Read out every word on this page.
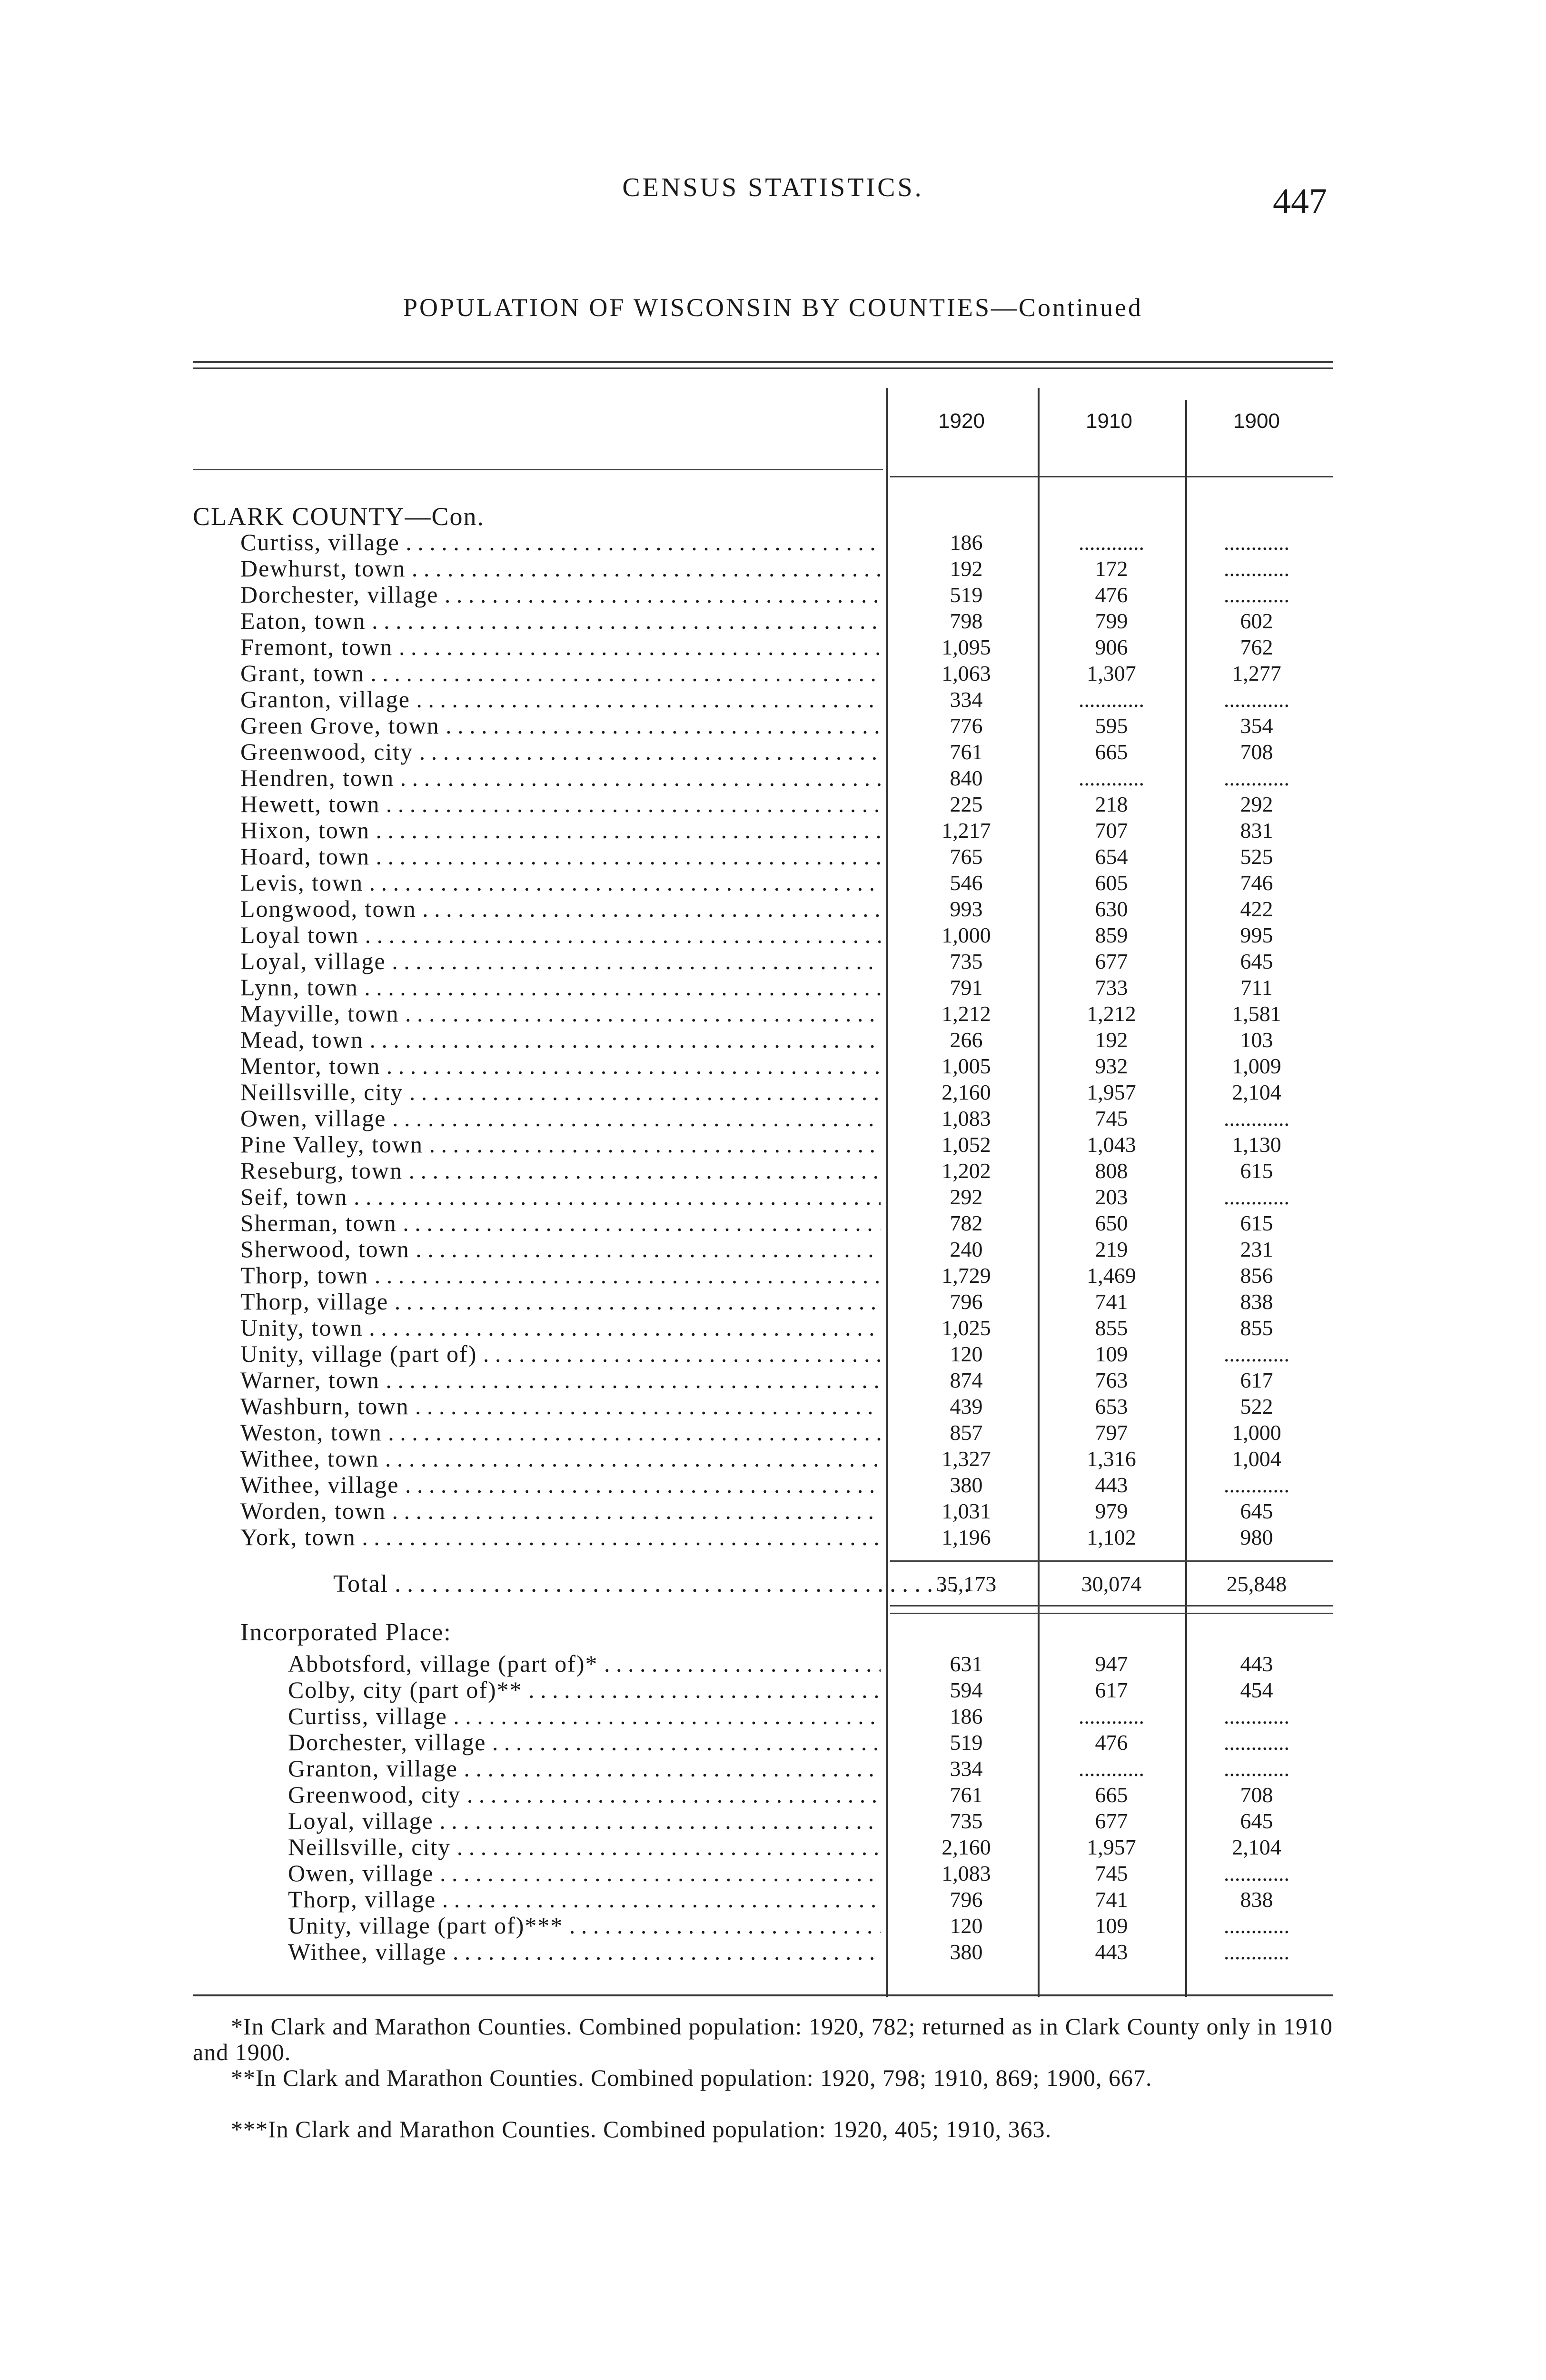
CENSUS STATISTICS.	447
POPULATION OF WISCONSIN BY COUNTIES—Continued
1920	1910	1900
CLARK COUNTY—Con.
Curtiss, village . . .	186	............	............
Dewhurst, town . . .	192	172	............
Dorchester, village . . .	519	476	............
Eaton, town . . .	798	799	602
Fremont, town . . .	1,095	906	762
Grant, town . . .	1,063	1,307	1,277
Granton, village . . .	334	............	............
Green Grove, town . . .	776	595	354
Greenwood, city . . .	761	665	708
Hendren, town . . .	840	............	............
Hewett, town . . .	225	218	292
Hixon, town . . .	1,217	707	831
Hoard, town . . .	765	654	525
Levis, town . . .	546	605	746
Longwood, town . . .	993	630	422
Loyal town . . .	1,000	859	995
Loyal, village . . .	735	677	645
Lynn, town . . .	791	733	711
Mayville, town . . .	1,212	1,212	1,581
Mead, town . . .	266	192	103
Mentor, town . . .	1,005	932	1,009
Neillsville, city . . .	2,160	1,957	2,104
Owen, village . . .	1,083	745	............
Pine Valley, town . . .	1,052	1,043	1,130
Reseburg, town . . .	1,202	808	615
Seif, town . . .	292	203	............
Sherman, town . . .	782	650	615
Sherwood, town . . .	240	219	231
Thorp, town . . .	1,729	1,469	856
Thorp, village . . .	796	741	838
Unity, town . . .	1,025	855	855
Unity, village (part of) . . .	120	109	............
Warner, town . . .	874	763	617
Washburn, town . . .	439	653	522
Weston, town . . .	857	797	1,000
Withee, town . . .	1,327	1,316	1,004
Withee, village . . .	380	443	............
Worden, town . . .	1,031	979	645
York, town . . .	1,196	1,102	980
Total . . .	35,173	30,074	25,848
Incorporated Place:
Abbotsford, village (part of)* . . .	631	947	443
Colby, city (part of)** . . .	594	617	454
Curtiss, village . . .	186	............	............
Dorchester, village . . .	519	476	............
Granton, village . . .	334	............	............
Greenwood, city . . .	761	665	708
Loyal, village . . .	735	677	645
Neillsville, city . . .	2,160	1,957	2,104
Owen, village . . .	1,083	745	............
Thorp, village . . .	796	741	838
Unity, village (part of)*** . . .	120	109	............
Withee, village . . .	380	443	............
*In Clark and Marathon Counties. Combined population: 1920, 782; returned as in Clark County only in 1910 and 1900.
**In Clark and Marathon Counties. Combined population: 1920, 798; 1910, 869; 1900, 667.
***In Clark and Marathon Counties. Combined population: 1920, 405; 1910, 363.
